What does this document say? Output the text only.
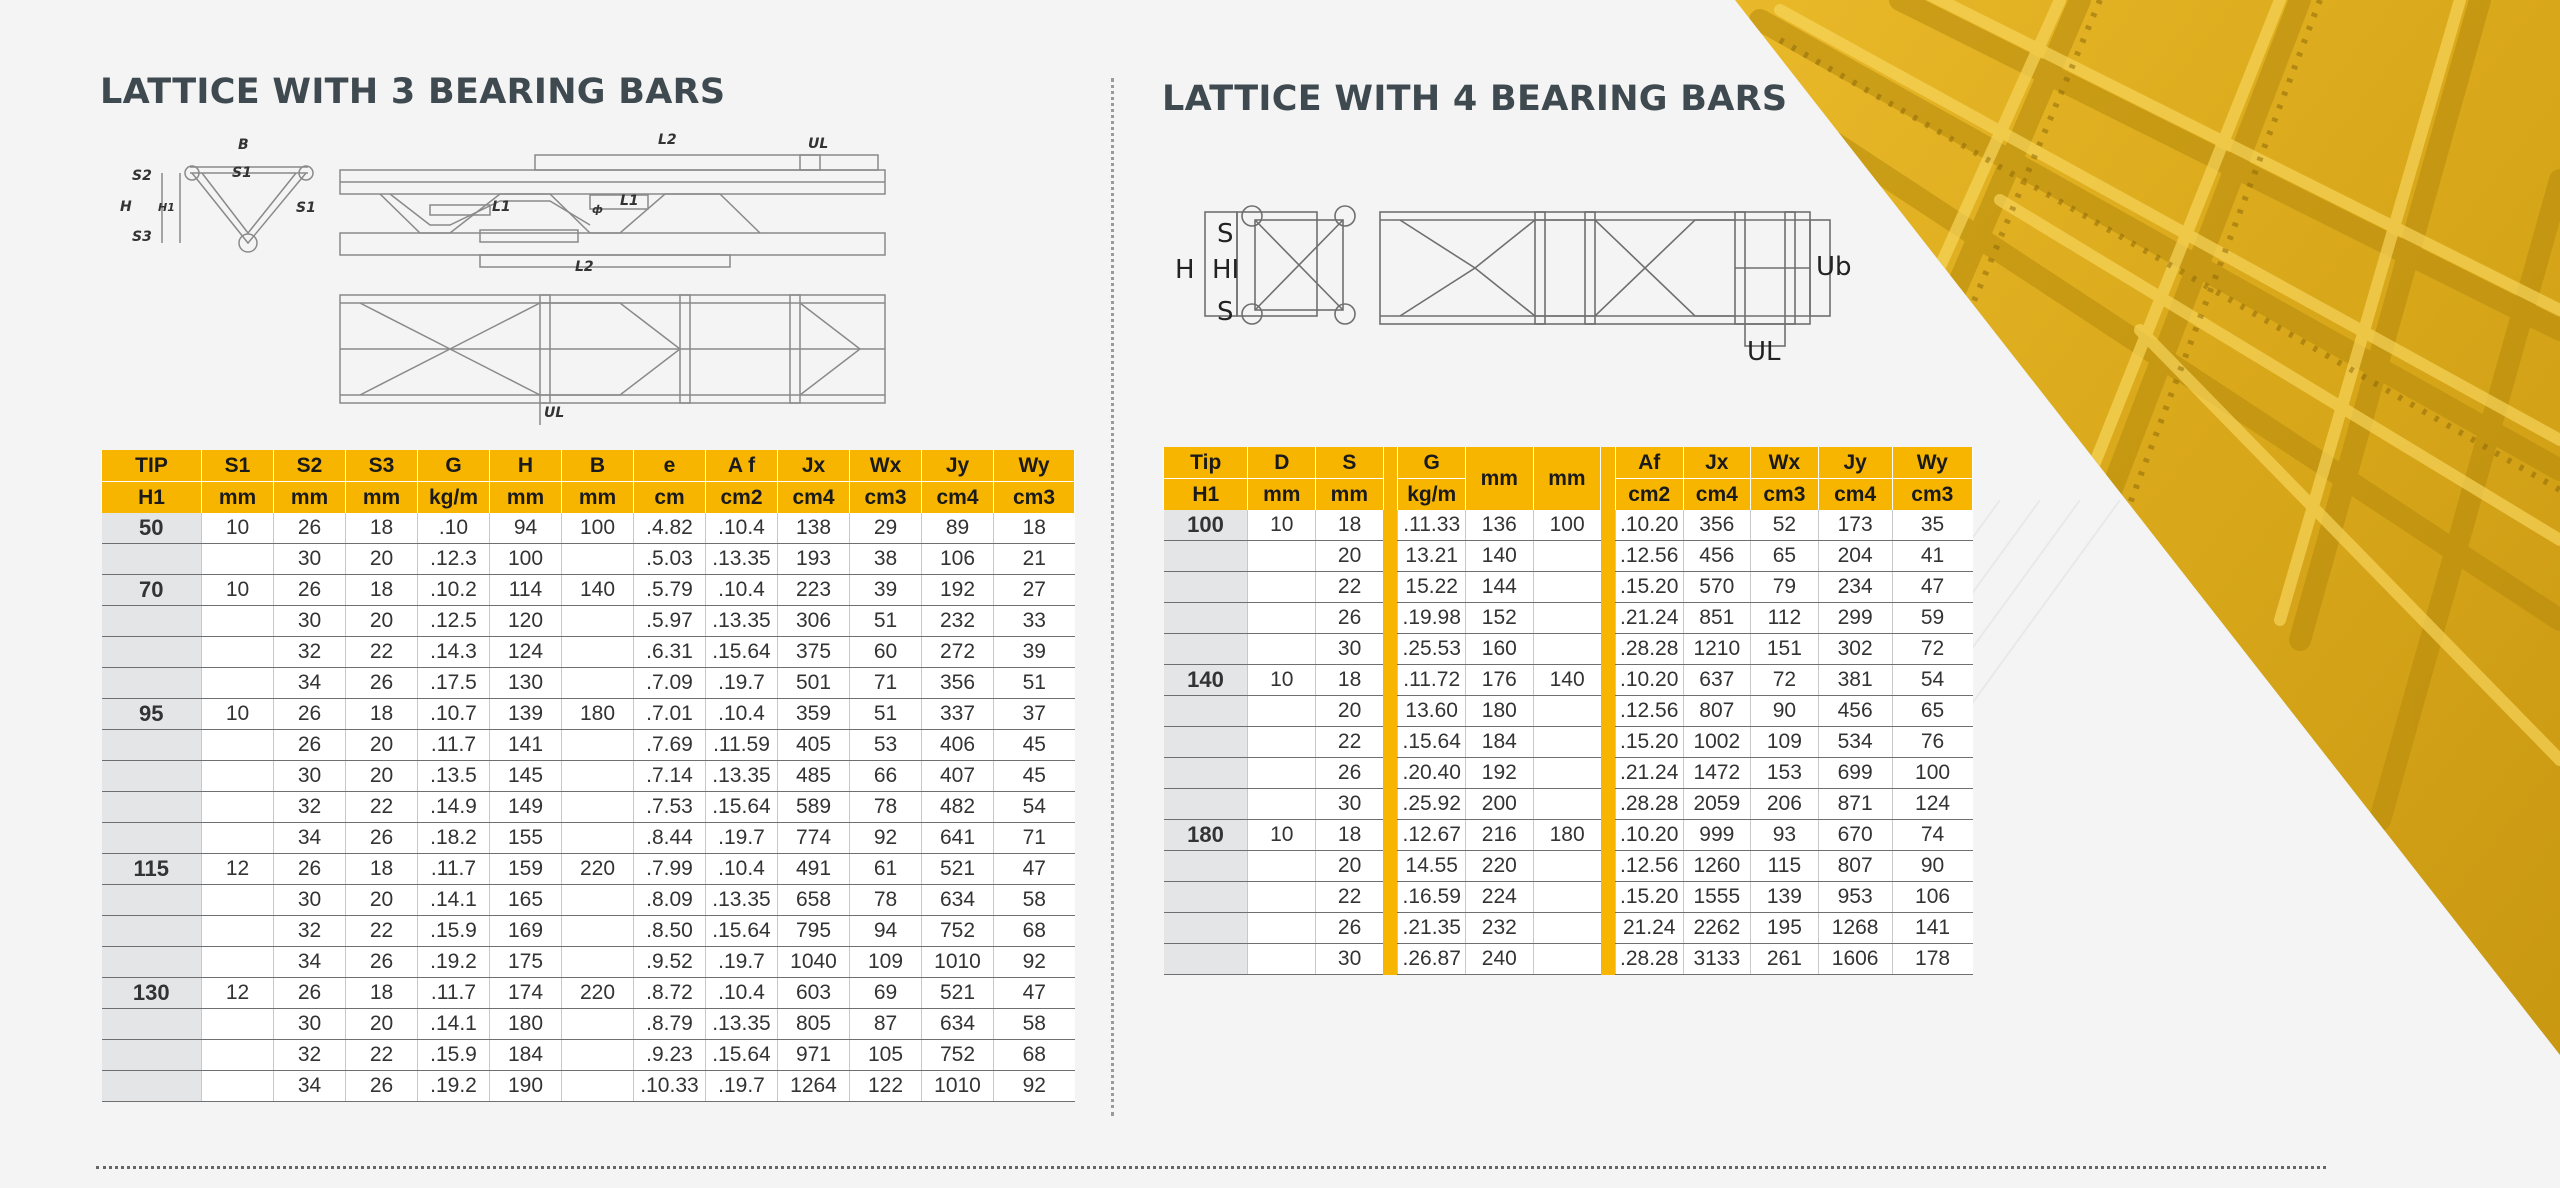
LATTICE WITH 3 BEARING BARS	LATTICE WITH 4 BEARING BARS
B
S1
S2
S1
H H1
S3
L2	UL
L1	L1
ф
L2
UL
S
H HI
S
Ub
UL
TIP	S1	S2	S3	G	H	B	e	A f	Jx	Wx	Jy	Wy
H1	mm	mm	mm	kg/m	mm	mm	cm	cm2	cm4	cm3	cm4	cm3
50	10	26	18	.10	94	100	.4.82	.10.4	138	29	89	18
		30	20	.12.3	100		.5.03	.13.35	193	38	106	21
70	10	26	18	.10.2	114	140	.5.79	.10.4	223	39	192	27
		30	20	.12.5	120		.5.97	.13.35	306	51	232	33
		32	22	.14.3	124		.6.31	.15.64	375	60	272	39
		34	26	.17.5	130		.7.09	.19.7	501	71	356	51
95	10	26	18	.10.7	139	180	.7.01	.10.4	359	51	337	37
		26	20	.11.7	141		.7.69	.11.59	405	53	406	45
		30	20	.13.5	145		.7.14	.13.35	485	66	407	45
		32	22	.14.9	149		.7.53	.15.64	589	78	482	54
		34	26	.18.2	155		.8.44	.19.7	774	92	641	71
115	12	26	18	.11.7	159	220	.7.99	.10.4	491	61	521	47
		30	20	.14.1	165		.8.09	.13.35	658	78	634	58
		32	22	.15.9	169		.8.50	.15.64	795	94	752	68
		34	26	.19.2	175		.9.52	.19.7	1040	109	1010	92
130	12	26	18	.11.7	174	220	.8.72	.10.4	603	69	521	47
		30	20	.14.1	180		.8.79	.13.35	805	87	634	58
		32	22	.15.9	184		.9.23	.15.64	971	105	752	68
		34	26	.19.2	190		.10.33	.19.7	1264	122	1010	92
Tip	D	S		G	mm	mm		Af	Jx	Wx	Jy	Wy
H1	mm	mm		kg/m				cm2	cm4	cm3	cm4	cm3
100	10	18		.11.33	136	100		.10.20	356	52	173	35
		20		13.21	140			.12.56	456	65	204	41
		22		15.22	144			.15.20	570	79	234	47
		26		.19.98	152			.21.24	851	112	299	59
		30		.25.53	160			.28.28	1210	151	302	72
140	10	18		.11.72	176	140		.10.20	637	72	381	54
		20		13.60	180			.12.56	807	90	456	65
		22		.15.64	184			.15.20	1002	109	534	76
		26		.20.40	192			.21.24	1472	153	699	100
		30		.25.92	200			.28.28	2059	206	871	124
180	10	18		.12.67	216	180		.10.20	999	93	670	74
		20		14.55	220			.12.56	1260	115	807	90
		22		.16.59	224			.15.20	1555	139	953	106
		26		.21.35	232			21.24	2262	195	1268	141
		30		.26.87	240			.28.28	3133	261	1606	178
